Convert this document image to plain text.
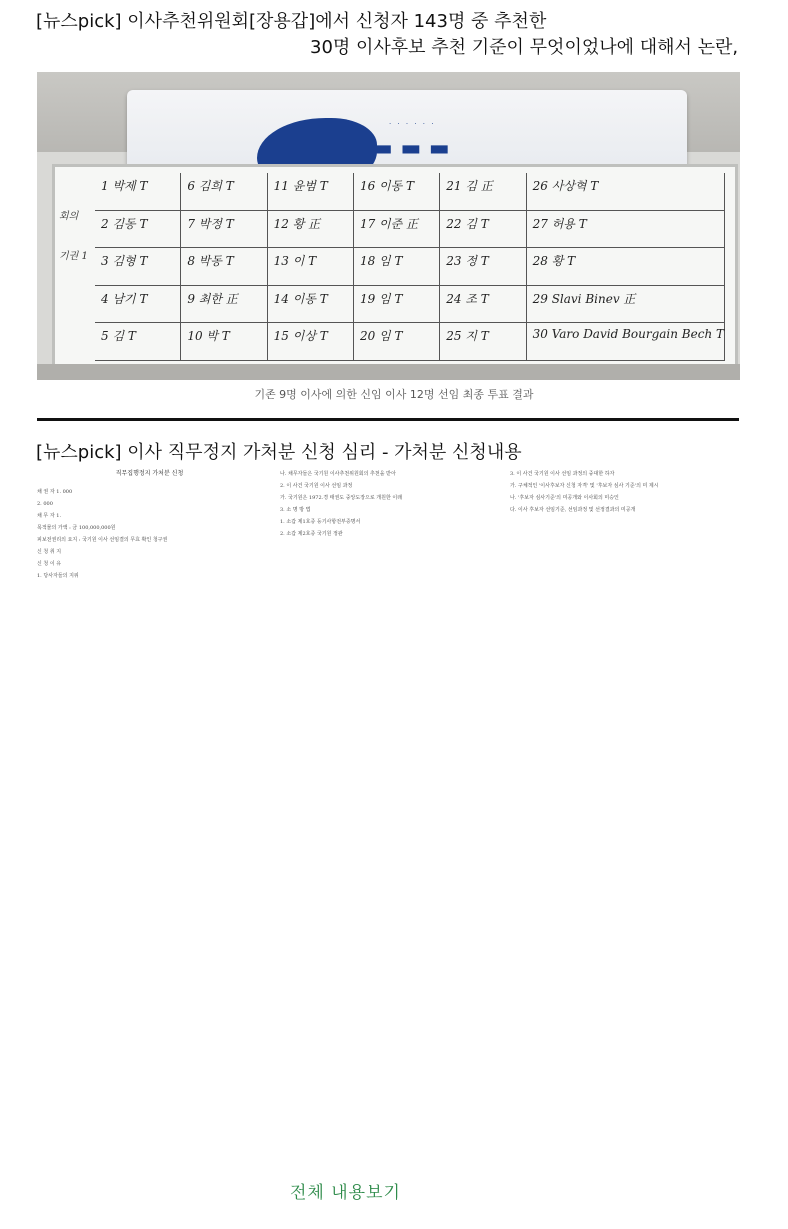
[뉴스pick] 이사추천위원회[장용갑]에서 신청자 143명 중 추천한
30명 이사후보 추천 기준이 무엇이었나에 대해서 논란,
· · · · · ·
▬ ▬ ▬
회의
기권 1
1 박제 T	6 김희 T	11 윤범 T	16 이동 T	21 김 正	26 사상혁 T
2 김동 T	7 박정 T	12 황 正	17 이준 正	22 김 T	27 허용 T
3 김형 T	8 박동 T	13 이 T	18 임 T	23 정 T	28 황 T
4 남기 T	9 최한 正	14 이동 T	19 임 T	24 조 T	29 Slavi Binev 正
5 김 T	10 박 T	15 이상 T	20 임 T	25 지 T	30 Varo David Bourgain Bech T
기존 9명 이사에 의한 신임 이사 12명 선임 최종 투표 결과
[뉴스pick] 이사 직무정지 가처분 신청 심리 - 가처분 신청내용

직무집행정지 가처분 신청

채 권 자 1. 000

2. 000

채 무 자 1.

목적물의 가액 : 금 100,000,000원

피보전권리의 요지 : 국기원 이사 선임결의 무효 확인 청구권

신 청 취 지

신 청 이 유

1. 당사자들의 지위

나. 채무자들은 국기원 이사추천위원회의 추천을 받아

2. 이 사건 국기원 이사 선임 과정

가. 국기원은 1972.경 태권도 중앙도장으로 개원한 이래

3. 소 명 방 법

1. 소갑 제1호증 등기사항전부증명서

2. 소갑 제2호증 국기원 정관

3. 이 사건 국기원 이사 선임 과정의 중대한 하자

가. 구체적인 '이사후보자 신청 자격' 및 '후보자 심사 기준'의 미 제시

나. '후보자 심사기준'의 미공개와 이사회의 미승인

다. 이사 후보자 선임기준, 선임과정 및 선정결과의 미공개

전체 내용보기
